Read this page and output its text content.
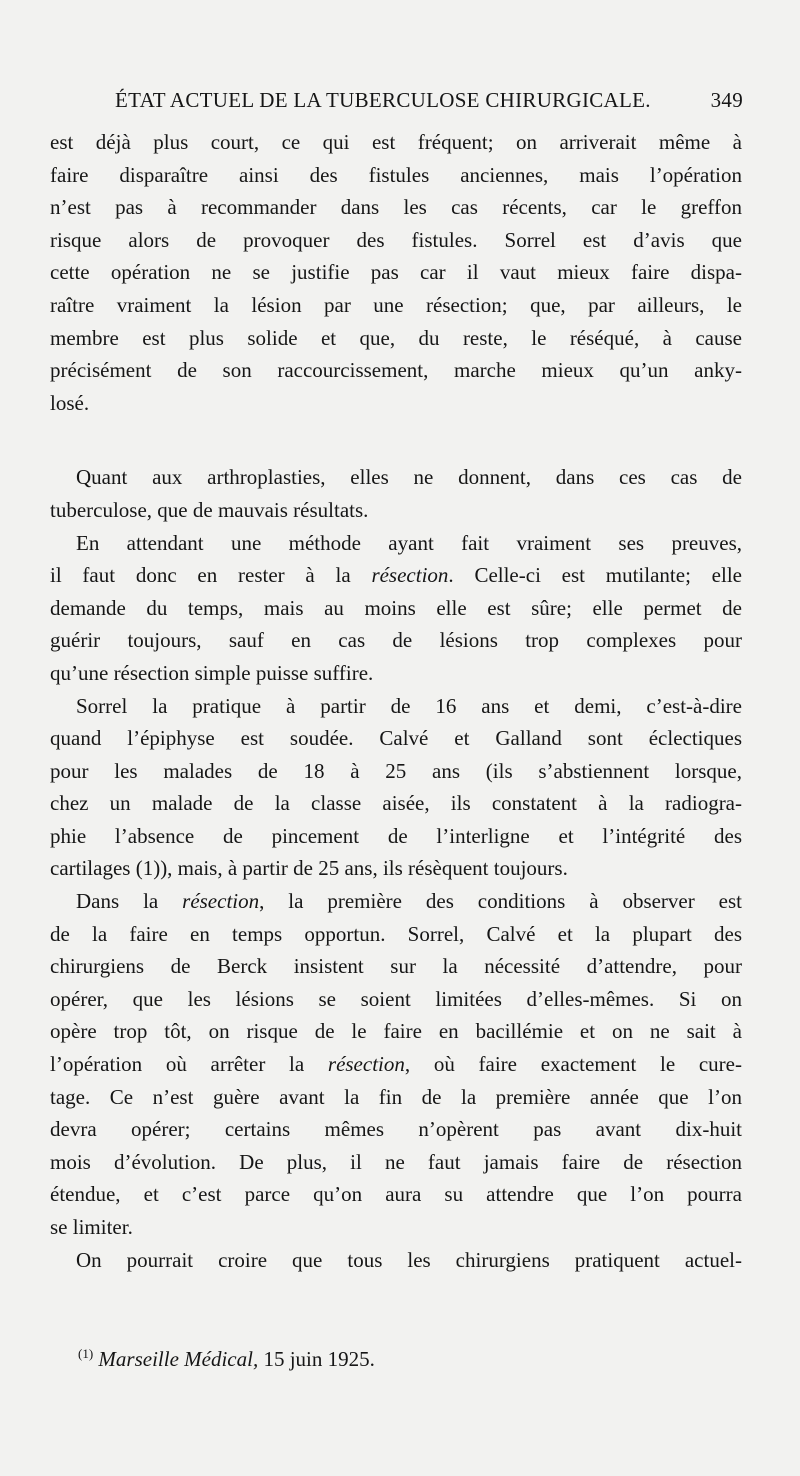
ÉTAT ACTUEL DE LA TUBERCULOSE CHIRURGICALE.	349
est déjà plus court, ce qui est fréquent; on arriverait même à
faire disparaître ainsi des fistules anciennes, mais l’opération
n’est pas à recommander dans les cas récents, car le greffon
risque alors de provoquer des fistules. Sorrel est d’avis que
cette opération ne se justifie pas car il vaut mieux faire dispa-
raître vraiment la lésion par une résection; que, par ailleurs, le
membre est plus solide et que, du reste, le réséqué, à cause
précisément de son raccourcissement, marche mieux qu’un anky-
losé.
Quant aux arthroplasties, elles ne donnent, dans ces cas de
tuberculose, que de mauvais résultats.
En attendant une méthode ayant fait vraiment ses preuves,
il faut donc en rester à la résection. Celle-ci est mutilante; elle
demande du temps, mais au moins elle est sûre; elle permet de
guérir toujours, sauf en cas de lésions trop complexes pour
qu’une résection simple puisse suffire.
Sorrel la pratique à partir de 16 ans et demi, c’est-à-dire
quand l’épiphyse est soudée. Calvé et Galland sont éclectiques
pour les malades de 18 à 25 ans (ils s’abstiennent lorsque,
chez un malade de la classe aisée, ils constatent à la radiogra-
phie l’absence de pincement de l’interligne et l’intégrité des
cartilages (1)), mais, à partir de 25 ans, ils résèquent toujours.
Dans la résection, la première des conditions à observer est
de la faire en temps opportun. Sorrel, Calvé et la plupart des
chirurgiens de Berck insistent sur la nécessité d’attendre, pour
opérer, que les lésions se soient limitées d’elles-mêmes. Si on
opère trop tôt, on risque de le faire en bacillémie et on ne sait à
l’opération où arrêter la résection, où faire exactement le cure-
tage. Ce n’est guère avant la fin de la première année que l’on
devra opérer; certains mêmes n’opèrent pas avant dix-huit
mois d’évolution. De plus, il ne faut jamais faire de résection
étendue, et c’est parce qu’on aura su attendre que l’on pourra
se limiter.
On pourrait croire que tous les chirurgiens pratiquent actuel-
$^{(1)}$ Marseille Médical, 15 juin 1925.
